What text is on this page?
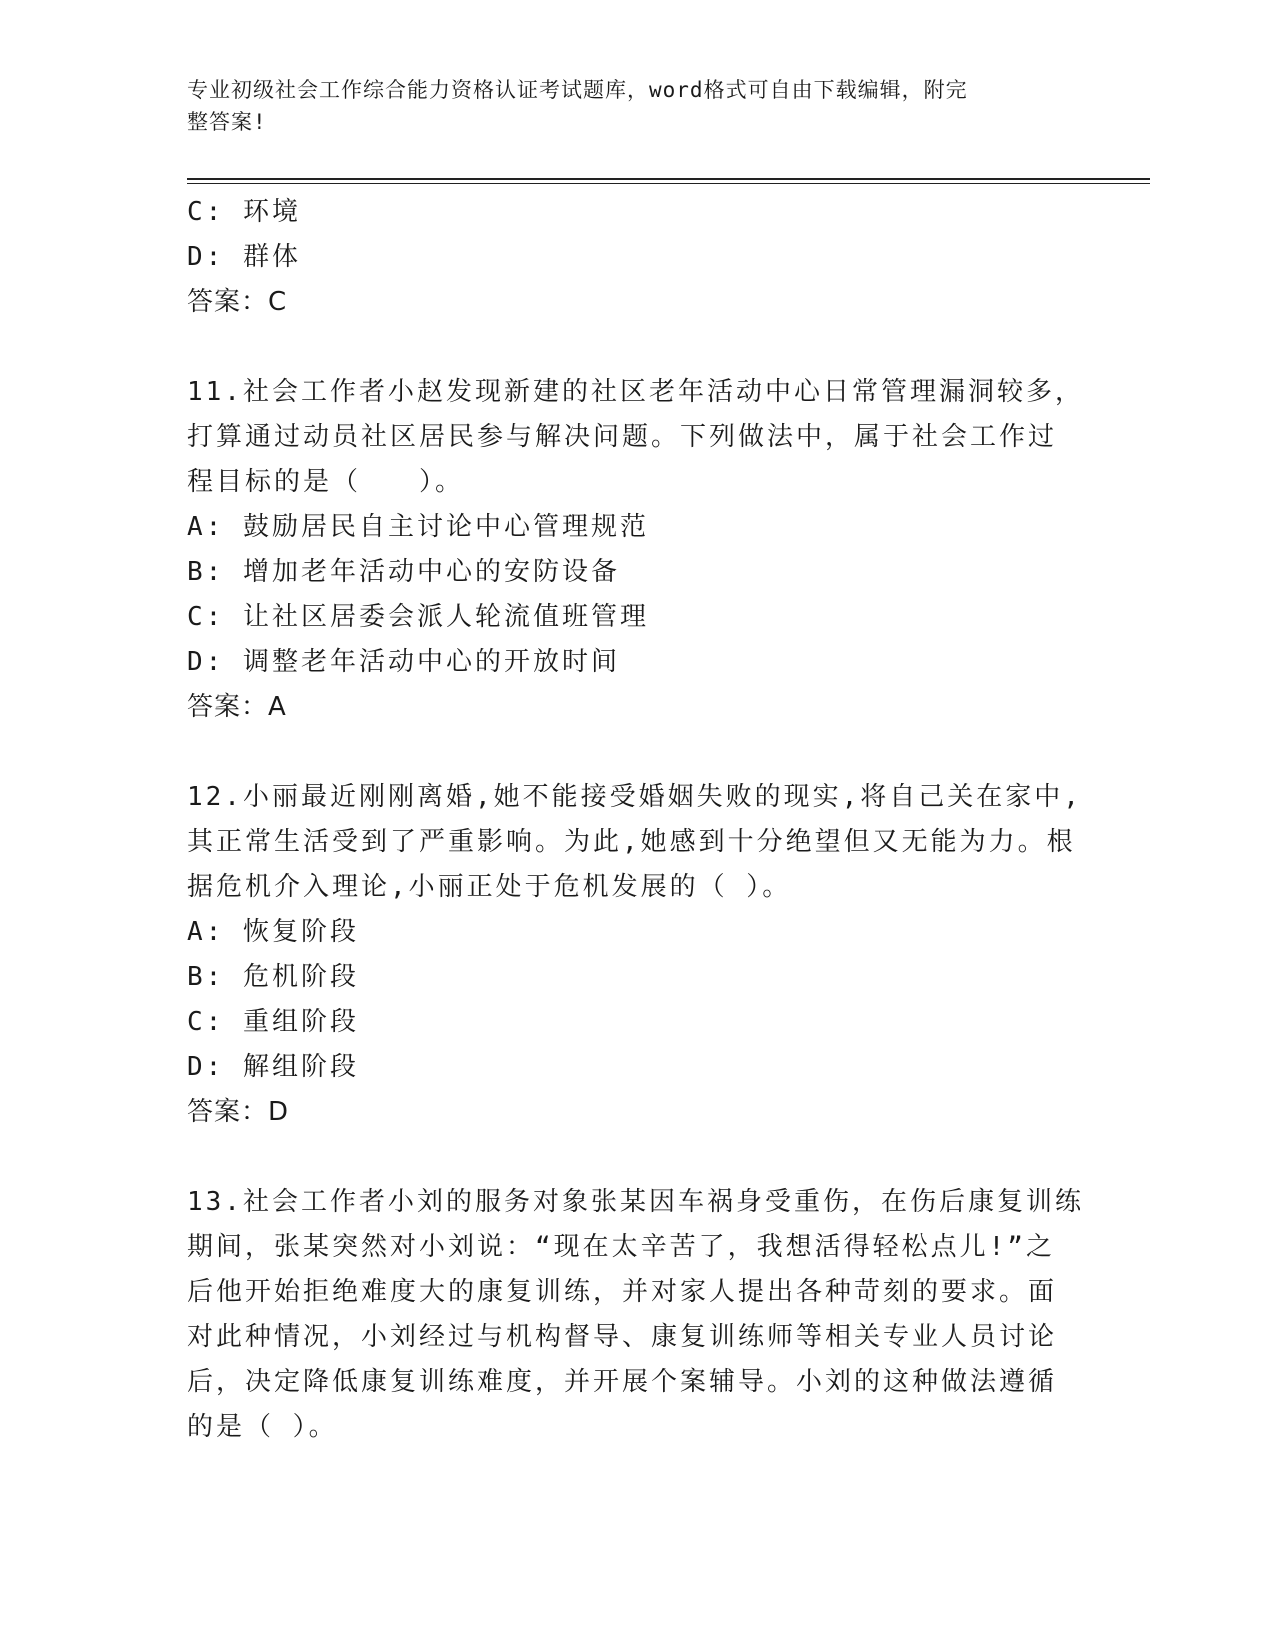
专业初级社会工作综合能力资格认证考试题库，word格式可自由下载编辑，附完
整答案!
C: 环境
D: 群体
答案：C
11.社会工作者小赵发现新建的社区老年活动中心日常管理漏洞较多，
打算通过动员社区居民参与解决问题。下列做法中，属于社会工作过
程目标的是（　　）。
A: 鼓励居民自主讨论中心管理规范
B: 增加老年活动中心的安防设备
C: 让社区居委会派人轮流值班管理
D: 调整老年活动中心的开放时间
答案：A
12.小丽最近刚刚离婚,她不能接受婚姻失败的现实,将自己关在家中,
其正常生活受到了严重影响。为此,她感到十分绝望但又无能为力。根
据危机介入理论,小丽正处于危机发展的（ ）。
A: 恢复阶段
B: 危机阶段
C: 重组阶段
D: 解组阶段
答案：D
13.社会工作者小刘的服务对象张某因车祸身受重伤，在伤后康复训练
期间，张某突然对小刘说：“现在太辛苦了，我想活得轻松点儿!”之
后他开始拒绝难度大的康复训练，并对家人提出各种苛刻的要求。面
对此种情况，小刘经过与机构督导、康复训练师等相关专业人员讨论
后，决定降低康复训练难度，并开展个案辅导。小刘的这种做法遵循
的是（ ）。
